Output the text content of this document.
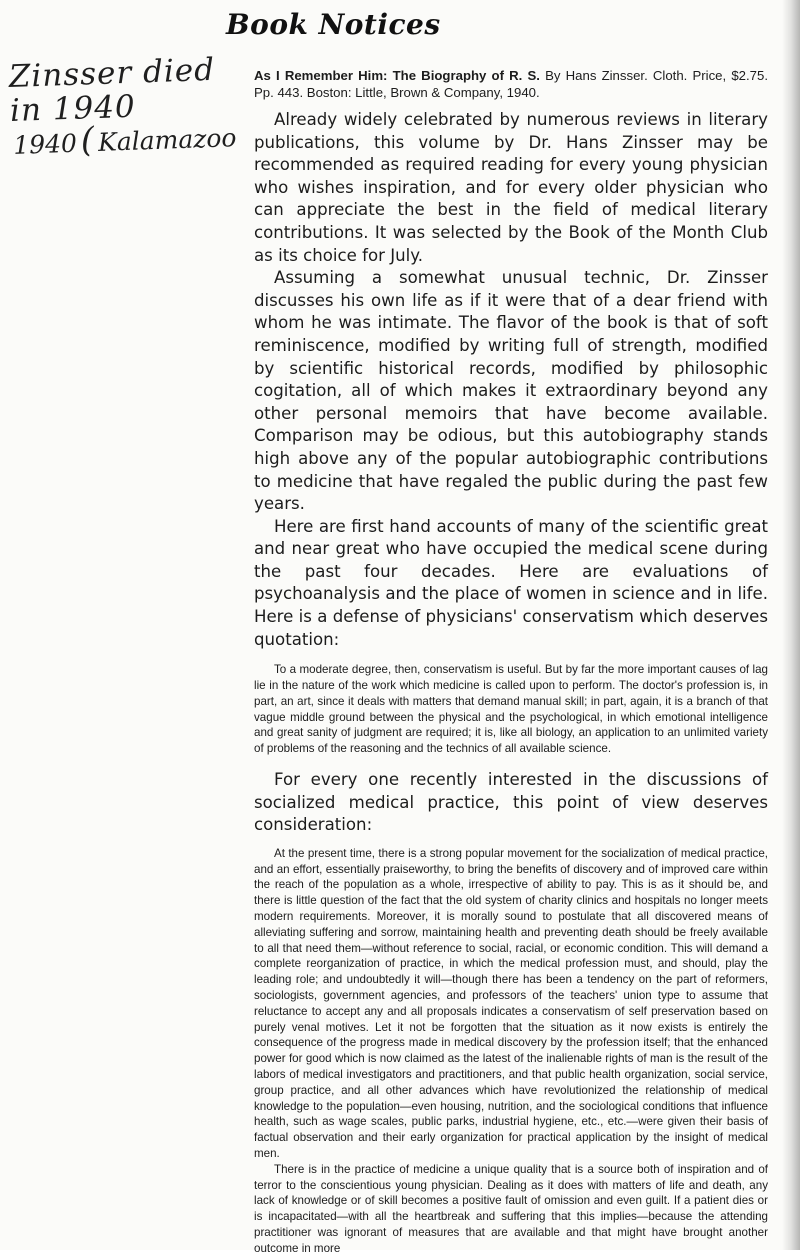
Zinsser died in 1940
1940( Kalamazoo
Book Notices
As I Remember Him: The Biography of R. S. By Hans Zinsser. Cloth. Price, $2.75. Pp. 443. Boston: Little, Brown & Company, 1940.

Already widely celebrated by numerous reviews in literary publications, this volume by Dr. Hans Zinsser may be recommended as required reading for every young physician who wishes inspiration, and for every older physician who can appreciate the best in the field of medical literary contributions. It was selected by the Book of the Month Club as its choice for July.

Assuming a somewhat unusual technic, Dr. Zinsser discusses his own life as if it were that of a dear friend with whom he was intimate. The flavor of the book is that of soft reminiscence, modified by writing full of strength, modified by scientific historical records, modified by philosophic cogitation, all of which makes it extraordinary beyond any other personal memoirs that have become available. Comparison may be odious, but this autobiography stands high above any of the popular autobiographic contributions to medicine that have regaled the public during the past few years.

Here are first hand accounts of many of the scientific great and near great who have occupied the medical scene during the past four decades. Here are evaluations of psychoanalysis and the place of women in science and in life. Here is a defense of physicians' conservatism which deserves quotation:

To a moderate degree, then, conservatism is useful. But by far the more important causes of lag lie in the nature of the work which medicine is called upon to perform. The doctor's profession is, in part, an art, since it deals with matters that demand manual skill; in part, again, it is a branch of that vague middle ground between the physical and the psychological, in which emotional intelligence and great sanity of judgment are required; it is, like all biology, an application to an unlimited variety of problems of the reasoning and the technics of all available science.

For every one recently interested in the discussions of socialized medical practice, this point of view deserves consideration:

At the present time, there is a strong popular movement for the socialization of medical practice, and an effort, essentially praiseworthy, to bring the benefits of discovery and of improved care within the reach of the population as a whole, irrespective of ability to pay. This is as it should be, and there is little question of the fact that the old system of charity clinics and hospitals no longer meets modern requirements. Moreover, it is morally sound to postulate that all discovered means of alleviating suffering and sorrow, maintaining health and preventing death should be freely available to all that need them—without reference to social, racial, or economic condition. This will demand a complete reorganization of practice, in which the medical profession must, and should, play the leading role; and undoubtedly it will—though there has been a tendency on the part of reformers, sociologists, government agencies, and professors of the teachers' union type to assume that reluctance to accept any and all proposals indicates a conservatism of self preservation based on purely venal motives. Let it not be forgotten that the situation as it now exists is entirely the consequence of the progress made in medical discovery by the profession itself; that the enhanced power for good which is now claimed as the latest of the inalienable rights of man is the result of the labors of medical investigators and practitioners, and that public health organization, social service, group practice, and all other advances which have revolutionized the relationship of medical knowledge to the population—even housing, nutrition, and the sociological conditions that influence health, such as wage scales, public parks, industrial hygiene, etc., etc.—were given their basis of factual observation and their early organization for practical application by the insight of medical men.

There is in the practice of medicine a unique quality that is a source both of inspiration and of terror to the conscientious young physician. Dealing as it does with matters of life and death, any lack of knowledge or of skill becomes a positive fault of omission and even guilt. If a patient dies or is incapacitated—with all the heartbreak and suffering that this implies—because the attending practitioner was ignorant of measures that are available and that might have brought another outcome in more
